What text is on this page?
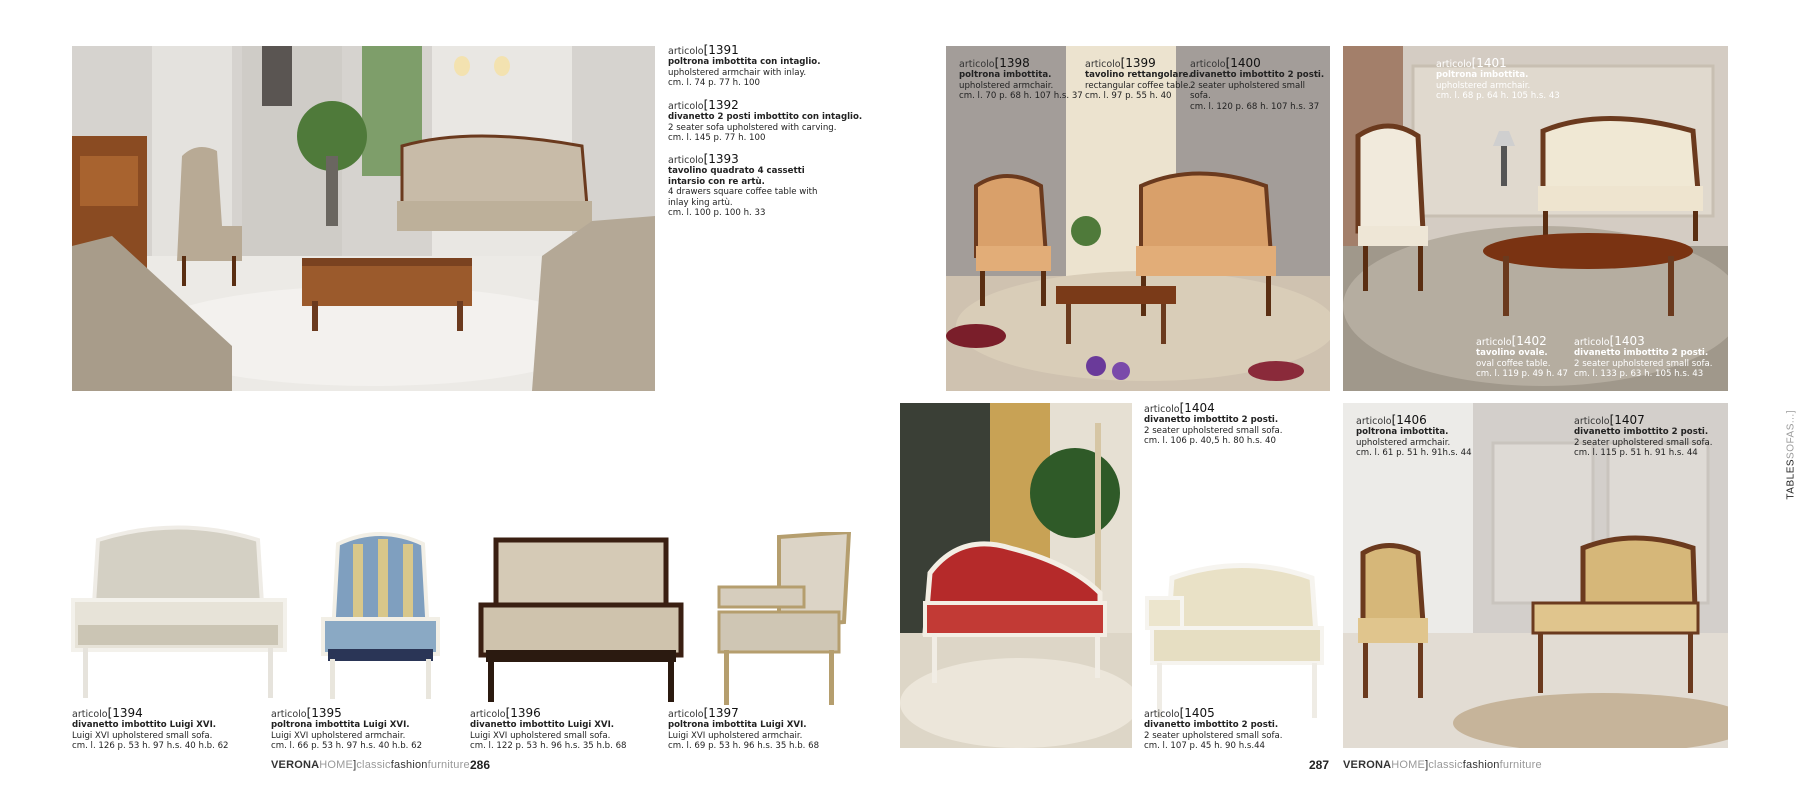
articolo[1391
poltrona imbottita con intaglio.
upholstered armchair with inlay.
cm. l. 74 p. 77 h. 100
articolo[1392
divanetto 2 posti imbottito con intaglio.
2 seater sofa upholstered with carving.
cm. l. 145 p. 77 h. 100
articolo[1393
tavolino quadrato 4 cassetti intarsio con re artù.
4 drawers square coffee table with inlay king artù.
cm. l. 100 p. 100 h. 33
articolo[1394
divanetto imbottito Luigi XVI.
Luigi XVI upholstered small sofa.
cm. l. 126 p. 53 h. 97 h.s. 40 h.b. 62
articolo[1395
poltrona imbottita Luigi XVI.
Luigi XVI upholstered armchair.
cm. l. 66 p. 53 h. 97 h.s. 40 h.b. 62
articolo[1396
divanetto imbottito Luigi XVI.
Luigi XVI upholstered small sofa.
cm. l. 122 p. 53 h. 96 h.s. 35 h.b. 68
articolo[1397
poltrona imbottita Luigi XVI.
Luigi XVI upholstered armchair.
cm. l. 69 p. 53 h. 96 h.s. 35 h.b. 68
articolo[1398
poltrona imbottita.
upholstered armchair.
cm. l. 70 p. 68 h. 107 h.s. 37
articolo[1399
tavolino rettangolare.
rectangular coffee table.
cm. l. 97 p. 55 h. 40
articolo[1400
divanetto imbottito 2 posti.
2 seater upholstered small sofa.
cm. l. 120 p. 68 h. 107 h.s. 37
articolo[1401
poltrona imbottita.
upholstered armchair.
cm. l. 68 p. 64 h. 105 h.s. 43
articolo[1402
tavolino ovale.
oval coffee table.
cm. l. 119 p. 49 h. 47
articolo[1403
divanetto imbottito 2 posti.
2 seater upholstered small sofa.
cm. l. 133 p. 63 h. 105 h.s. 43
articolo[1404
divanetto imbottito 2 posti.
2 seater upholstered small sofa.
cm. l. 106 p. 40,5 h. 80 h.s. 40
articolo[1405
divanetto imbottito 2 posti.
2 seater upholstered small sofa.
cm. l. 107 p. 45 h. 90 h.s.44
articolo[1406
poltrona imbottita.
upholstered armchair.
cm. l. 61 p. 51 h. 91h.s. 44
articolo[1407
divanetto imbottito 2 posti.
2 seater upholstered small sofa.
cm. l. 115 p. 51 h. 91 h.s. 44
VERONAHOME]classicfashionfurniture 286	287 VERONAHOME]classicfashionfurniture
TABLESSOFAS...]
